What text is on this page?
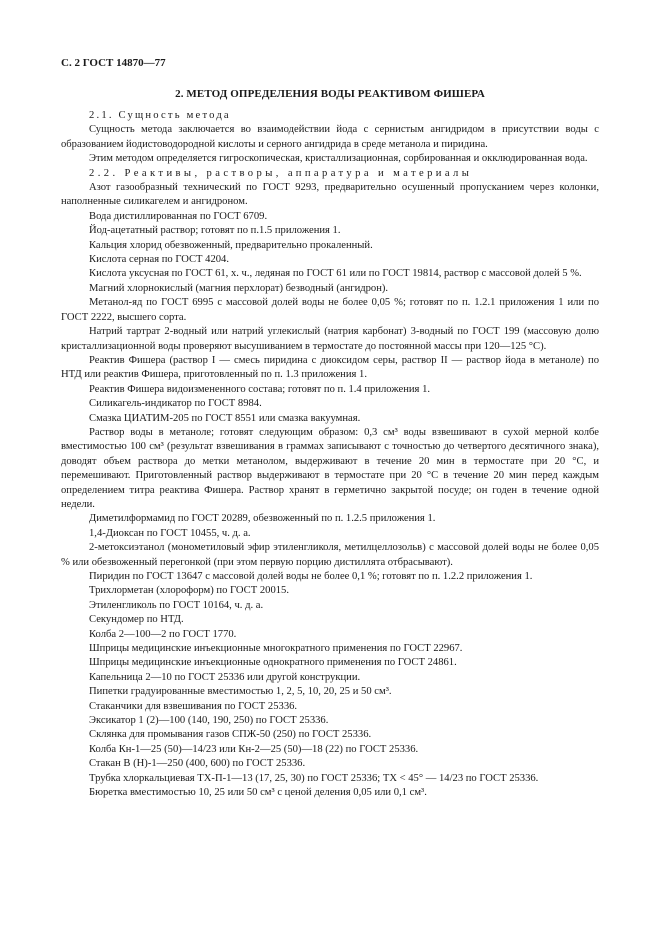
С. 2 ГОСТ 14870—77
2. МЕТОД ОПРЕДЕЛЕНИЯ ВОДЫ РЕАКТИВОМ ФИШЕРА

2.1. Сущность метода

Сущность метода заключается во взаимодействии йода с сернистым ангидридом в присутствии воды с образованием йодистоводородной кислоты и серного ангидрида в среде метанола и пиридина.

Этим методом определяется гигроскопическая, кристаллизационная, сорбированная и окклюдированная вода.

2.2. Реактивы, растворы, аппаратура и материалы

Азот газообразный технический по ГОСТ 9293, предварительно осушенный пропусканием через колонки, наполненные силикагелем и ангидроном.

Вода дистиллированная по ГОСТ 6709.

Йод-ацетатный раствор; готовят по п.1.5 приложения 1.

Кальция хлорид обезвоженный, предварительно прокаленный.

Кислота серная по ГОСТ 4204.

Кислота уксусная по ГОСТ 61, х. ч., ледяная по ГОСТ 61 или по ГОСТ 19814, раствор с массовой долей 5 %.

Магний хлорнокислый (магния перхлорат) безводный (ангидрон).

Метанол-яд по ГОСТ 6995 с массовой долей воды не более 0,05 %; готовят по п. 1.2.1 приложения 1 или по ГОСТ 2222, высшего сорта.

Натрий тартрат 2-водный или натрий углекислый (натрия карбонат) 3-водный по ГОСТ 199 (массовую долю кристаллизационной воды проверяют высушиванием в термостате до постоянной массы при 120—125 °С).

Реактив Фишера (раствор I — смесь пиридина с диоксидом серы, раствор II — раствор йода в метаноле) по НТД или реактив Фишера, приготовленный по п. 1.3 приложения 1.

Реактив Фишера видоизмененного состава; готовят по п. 1.4 приложения 1.

Силикагель-индикатор по ГОСТ 8984.

Смазка ЦИАТИМ-205 по ГОСТ 8551 или смазка вакуумная.

Раствор воды в метаноле; готовят следующим образом: 0,3 см³ воды взвешивают в сухой мерной колбе вместимостью 100 см³ (результат взвешивания в граммах записывают с точностью до четвертого десятичного знака), доводят объем раствора до метки метанолом, выдерживают в течение 20 мин в термостате при 20 °С, и перемешивают. Приготовленный раствор выдерживают в термостате при 20 °С в течение 20 мин перед каждым определением титра реактива Фишера. Раствор хранят в герметично закрытой посуде; он годен в течение одной недели.

Диметилформамид по ГОСТ 20289, обезвоженный по п. 1.2.5 приложения 1.

1,4-Диоксан по ГОСТ 10455, ч. д. а.

2-метоксиэтанол (монометиловый эфир этиленгликоля, метилцеллозольв) с массовой долей воды не более 0,05 % или обезвоженный перегонкой (при этом первую порцию дистиллята отбрасывают).

Пиридин по ГОСТ 13647 с массовой долей воды не более 0,1 %; готовят по п. 1.2.2 приложения 1.

Трихлорметан (хлороформ) по ГОСТ 20015.

Этиленгликоль по ГОСТ 10164, ч. д. а.

Секундомер по НТД.

Колба 2—100—2 по ГОСТ 1770.

Шприцы медицинские инъекционные многократного применения по ГОСТ 22967.

Шприцы медицинские инъекционные однократного применения по ГОСТ 24861.

Капельница 2—10 по ГОСТ 25336 или другой конструкции.

Пипетки градуированные вместимостью 1, 2, 5, 10, 20, 25 и 50 см³.

Стаканчики для взвешивания по ГОСТ 25336.

Эксикатор 1 (2)—100 (140, 190, 250) по ГОСТ 25336.

Склянка для промывания газов СПЖ-50 (250) по ГОСТ 25336.

Колба Кн-1—25 (50)—14/23 или Кн-2—25 (50)—18 (22) по ГОСТ 25336.

Стакан В (Н)-1—250 (400, 600) по ГОСТ 25336.

Трубка хлоркальциевая ТХ-П-1—13 (17, 25, 30) по ГОСТ 25336; ТХ < 45° — 14/23 по ГОСТ 25336.

Бюретка вместимостью 10, 25 или 50 см³ с ценой деления 0,05 или 0,1 см³.
